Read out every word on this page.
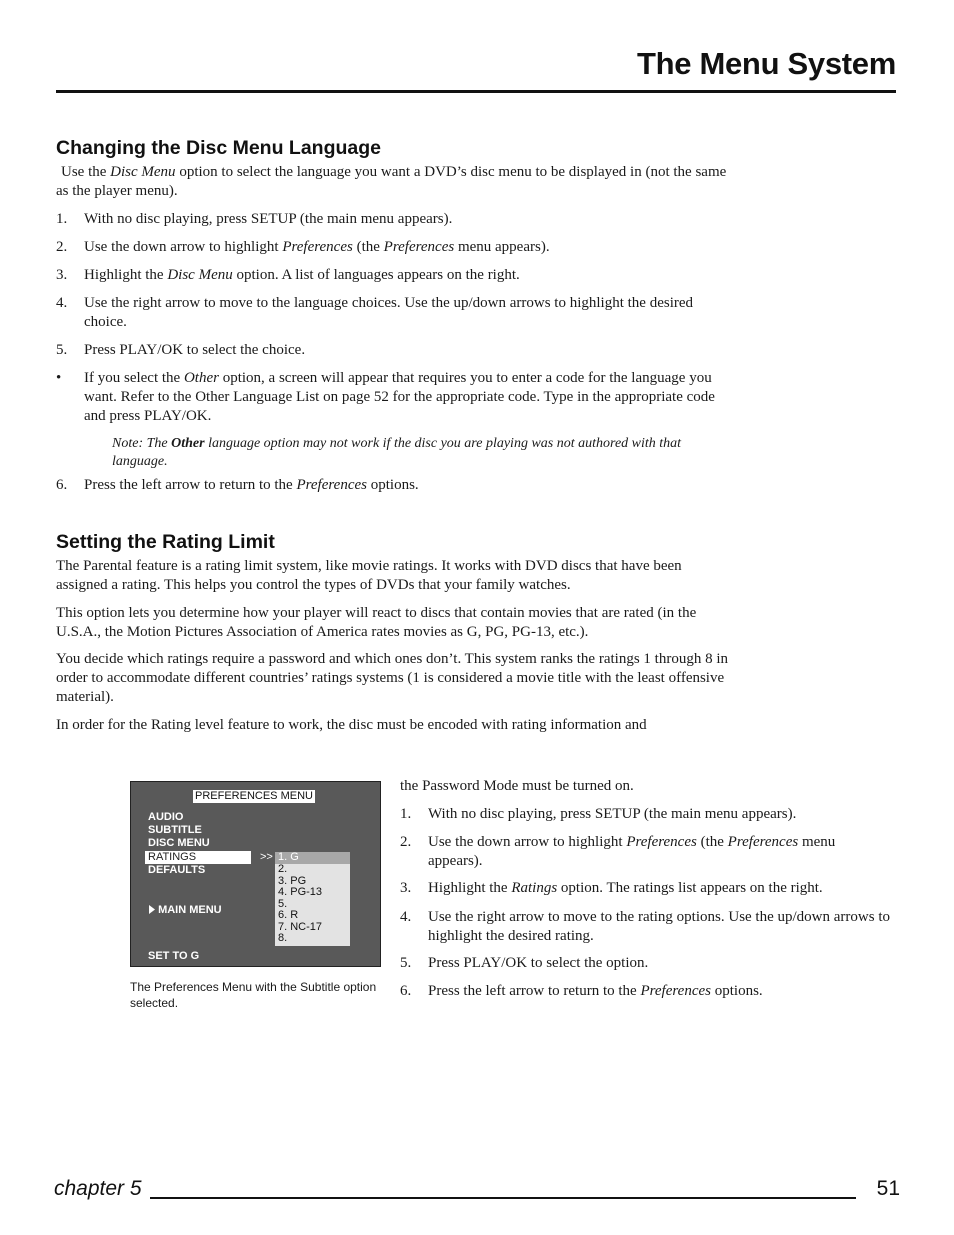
The Menu System
Changing the Disc Menu Language

Use the Disc Menu option to select the language you want a DVD’s disc menu to be displayed in (not the same as the player menu).

1. With no disc playing, press SETUP (the main menu appears).
2. Use the down arrow to highlight Preferences (the Preferences menu appears).
3. Highlight the Disc Menu option. A list of languages appears on the right.
4. Use the right arrow to move to the language choices. Use the up/down arrows to highlight the desired choice.
5. Press PLAY/OK to select the choice.
• If you select the Other option, a screen will appear that requires you to enter a code for the language you want. Refer to the Other Language List on page 52 for the appropriate code. Type in the appropriate code and press PLAY/OK.
Note: The Other language option may not work if the disc you are playing was not authored with that language.
6. Press the left arrow to return to the Preferences options.
Setting the Rating Limit

The Parental feature is a rating limit system, like movie ratings. It works with DVD discs that have been assigned a rating. This helps you control the types of DVDs that your family watches.

This option lets you determine how your player will react to discs that contain movies that are rated (in the U.S.A., the Motion Pictures Association of America rates movies as G, PG, PG-13, etc.).

You decide which ratings require a password and which ones don’t. This system ranks the ratings 1 through 8 in order to accommodate different countries’ ratings systems (1 is considered a movie title with the least offensive material).

In order for the Rating level feature to work, the disc must be encoded with rating information and

PREFERENCES MENU
AUDIO
SUBTITLE
DISC MENU
RATINGS
DEFAULTS
>> 1. G
2.
3. PG
4. PG-13
5.
6. R
7. NC-17
8.
MAIN MENU
SET TO G
The Preferences Menu with the Subtitle option selected.

the Password Mode must be turned on.

1. With no disc playing, press SETUP (the main menu appears).
2. Use the down arrow to highlight Preferences (the Preferences menu appears).
3. Highlight the Ratings option. The ratings list appears on the right.
4. Use the right arrow to move to the rating options. Use the up/down arrows to highlight the desired rating.
5. Press PLAY/OK to select the option.
6. Press the left arrow to return to the Preferences options.
chapter 5	51
